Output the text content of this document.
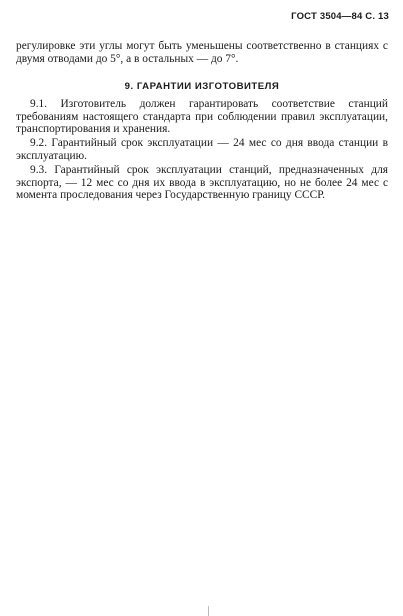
ГОСТ 3504—84 С. 13
регулировке эти углы могут быть уменьшены соответственно в станциях с двумя отводами до 5°, а в остальных — до 7°.
9. ГАРАНТИИ ИЗГОТОВИТЕЛЯ
9.1. Изготовитель должен гарантировать соответствие станций требованиям настоящего стандарта при соблюдении правил эксплуатации, транспортирования и хранения.
9.2. Гарантийный срок эксплуатации — 24 мес со дня ввода станции в эксплуатацию.
9.3. Гарантийный срок эксплуатации станций, предназначенных для экспорта, — 12 мес со дня их ввода в эксплуатацию, но не более 24 мес с момента проследования через Государственную границу СССР.
